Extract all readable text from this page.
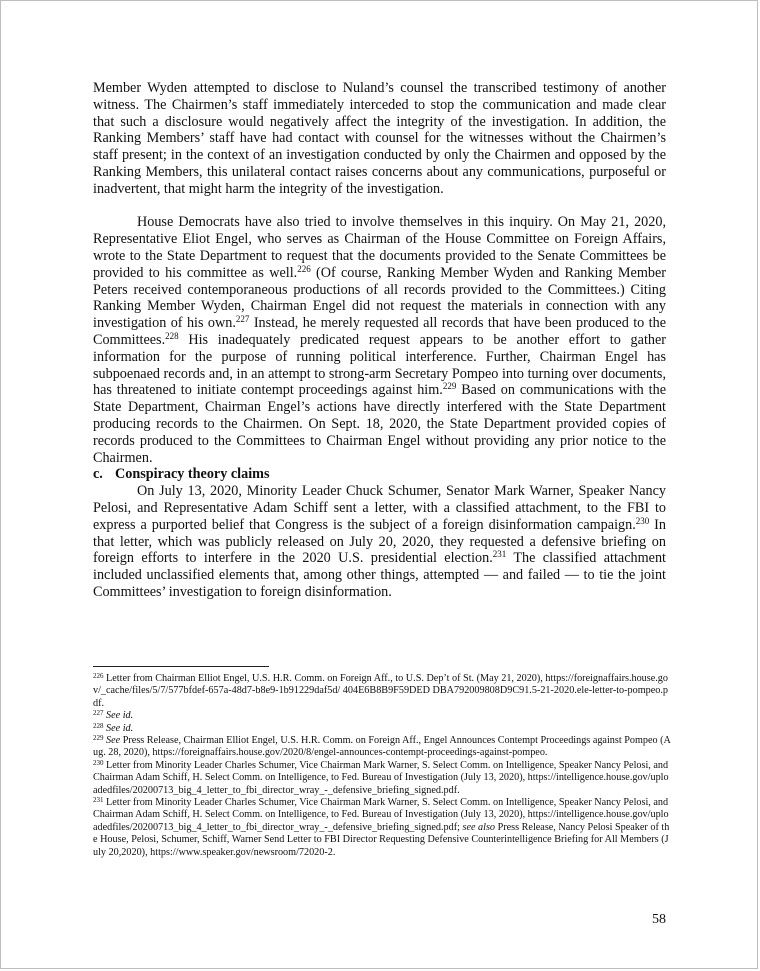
Member Wyden attempted to disclose to Nuland’s counsel the transcribed testimony of another witness. The Chairmen’s staff immediately interceded to stop the communication and made clear that such a disclosure would negatively affect the integrity of the investigation. In addition, the Ranking Members’ staff have had contact with counsel for the witnesses without the Chairmen’s staff present; in the context of an investigation conducted by only the Chairmen and opposed by the Ranking Members, this unilateral contact raises concerns about any communications, purposeful or inadvertent, that might harm the integrity of the investigation.

House Democrats have also tried to involve themselves in this inquiry. On May 21, 2020, Representative Eliot Engel, who serves as Chairman of the House Committee on Foreign Affairs, wrote to the State Department to request that the documents provided to the Senate Committees be provided to his committee as well.$^{226}$ (Of course, Ranking Member Wyden and Ranking Member Peters received contemporaneous productions of all records provided to the Committees.) Citing Ranking Member Wyden, Chairman Engel did not request the materials in connection with any investigation of his own.$^{227}$ Instead, he merely requested all records that have been produced to the Committees.$^{228}$ His inadequately predicated request appears to be another effort to gather information for the purpose of running political interference. Further, Chairman Engel has subpoenaed records and, in an attempt to strong-arm Secretary Pompeo into turning over documents, has threatened to initiate contempt proceedings against him.$^{229}$ Based on communications with the State Department, Chairman Engel’s actions have directly interfered with the State Department producing records to the Chairmen. On Sept. 18, 2020, the State Department provided copies of records produced to the Committees to Chairman Engel without providing any prior notice to the Chairmen.

c. Conspiracy theory claims

On July 13, 2020, Minority Leader Chuck Schumer, Senator Mark Warner, Speaker Nancy Pelosi, and Representative Adam Schiff sent a letter, with a classified attachment, to the FBI to express a purported belief that Congress is the subject of a foreign disinformation campaign.$^{230}$ In that letter, which was publicly released on July 20, 2020, they requested a defensive briefing on foreign efforts to interfere in the 2020 U.S. presidential election.$^{231}$ The classified attachment included unclassified elements that, among other things, attempted — and failed — to tie the joint Committees’ investigation to foreign disinformation.

$^{226}$ Letter from Chairman Elliot Engel, U.S. H.R. Comm. on Foreign Aff., to U.S. Dep’t of St. (May 21, 2020), https://foreignaffairs.house.gov/_cache/files/5/7/577bfdef-657a-48d7-b8e9-1b91229daf5d/ 404E6B8B9F59DED DBA792009808D9C91.5-21-2020.ele-letter-to-pompeo.pdf.

$^{227}$ See id.

$^{228}$ See id.

$^{229}$ See Press Release, Chairman Elliot Engel, U.S. H.R. Comm. on Foreign Aff., Engel Announces Contempt Proceedings against Pompeo (Aug. 28, 2020), https://foreignaffairs.house.gov/2020/8/engel-announces-contempt-proceedings-against-pompeo.

$^{230}$ Letter from Minority Leader Charles Schumer, Vice Chairman Mark Warner, S. Select Comm. on Intelligence, Speaker Nancy Pelosi, and Chairman Adam Schiff, H. Select Comm. on Intelligence, to Fed. Bureau of Investigation (July 13, 2020), https://intelligence.house.gov/uploadedfiles/20200713_big_4_letter_to_fbi_director_wray_-_defensive_briefing_signed.pdf.

$^{231}$ Letter from Minority Leader Charles Schumer, Vice Chairman Mark Warner, S. Select Comm. on Intelligence, Speaker Nancy Pelosi, and Chairman Adam Schiff, H. Select Comm. on Intelligence, to Fed. Bureau of Investigation (July 13, 2020), https://intelligence.house.gov/uploadedfiles/20200713_big_4_letter_to_fbi_director_wray_-_defensive_briefing_signed.pdf; see also Press Release, Nancy Pelosi Speaker of the House, Pelosi, Schumer, Schiff, Warner Send Letter to FBI Director Requesting Defensive Counterintelligence Briefing for All Members (July 20,2020), https://www.speaker.gov/newsroom/72020-2.

58
